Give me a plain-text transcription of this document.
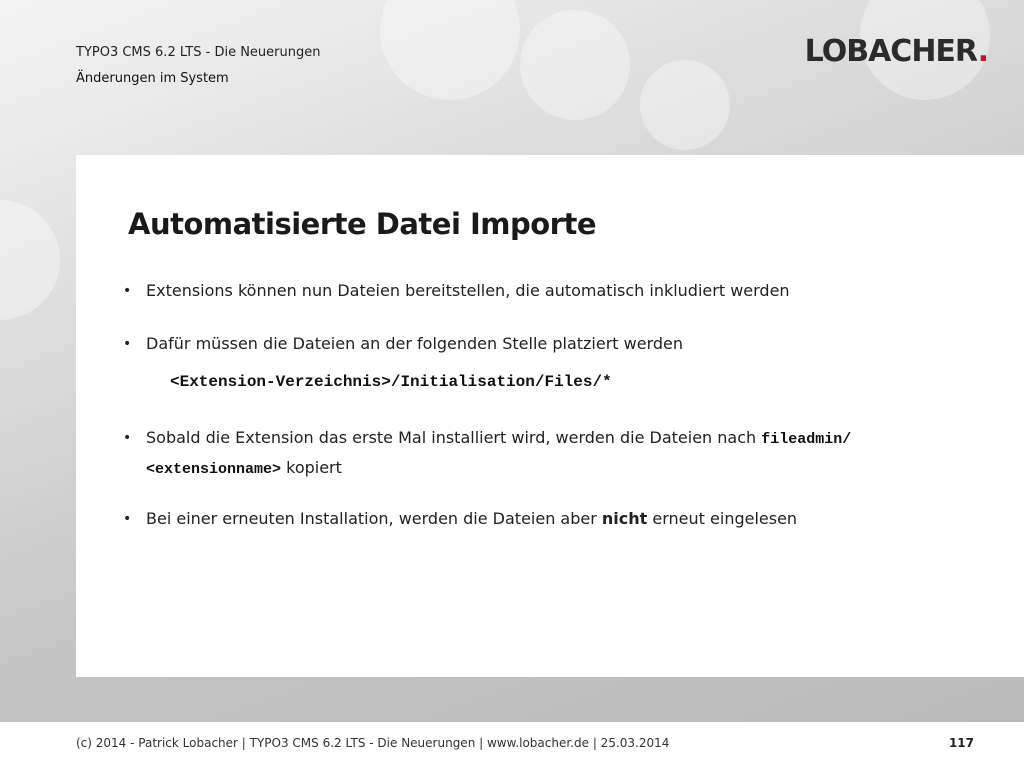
TYPO3 CMS 6.2 LTS - Die Neuerungen
Änderungen im System
LOBACHER.
Automatisierte Datei Importe
• Extensions können nun Dateien bereitstellen, die automatisch inkludiert werden
• Dafür müssen die Dateien an der folgenden Stelle platziert werden
<Extension-Verzeichnis>/Initialisation/Files/*
• Sobald die Extension das erste Mal installiert wird, werden die Dateien nach fileadmin/
<extensionname> kopiert
• Bei einer erneuten Installation, werden die Dateien aber nicht erneut eingelesen
(c) 2014 - Patrick Lobacher | TYPO3 CMS 6.2 LTS - Die Neuerungen | www.lobacher.de | 25.03.2014	117
